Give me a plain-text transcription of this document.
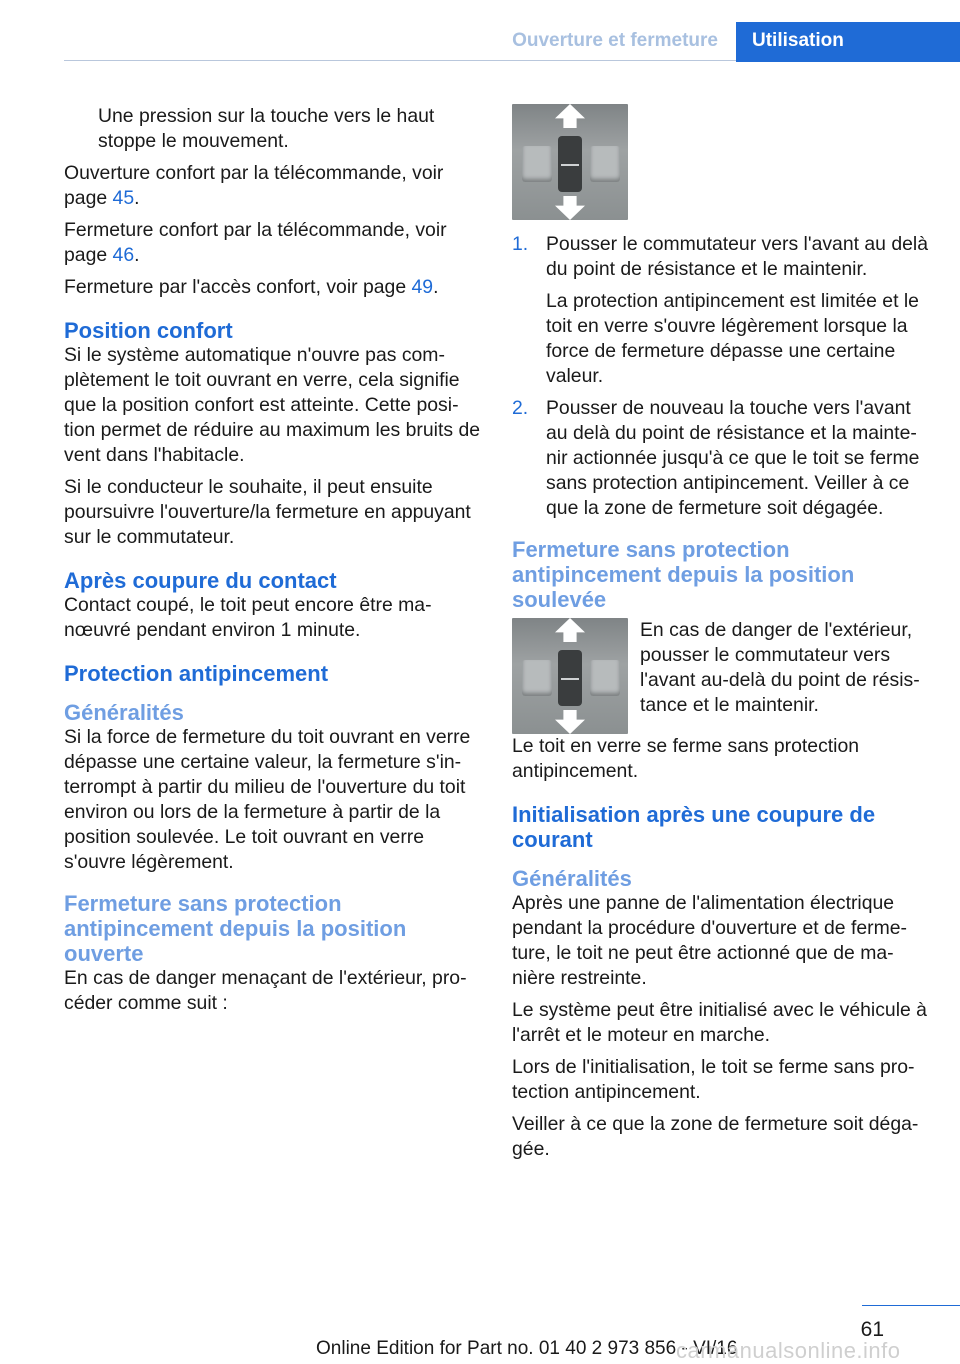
Ouverture et fermeture	Utilisation

Une pression sur la touche vers le haut stoppe le mouvement.

Ouverture confort par la télécommande, voir page 45.

Fermeture confort par la télécommande, voir page 46.

Fermeture par l'accès confort, voir page 49.

Position confort

Si le système automatique n'ouvre pas complètement le toit ouvrant en verre, cela signifie que la position confort est atteinte. Cette position permet de réduire au maximum les bruits de vent dans l'habitacle.

Si le conducteur le souhaite, il peut ensuite poursuivre l'ouverture/la fermeture en appuyant sur le commutateur.

Après coupure du contact

Contact coupé, le toit peut encore être manœuvré pendant environ 1 minute.

Protection antipincement
Généralités

Si la force de fermeture du toit ouvrant en verre dépasse une certaine valeur, la fermeture s'interrompt à partir du milieu de l'ouverture du toit environ ou lors de la fermeture à partir de la position soulevée. Le toit ouvrant en verre s'ouvre légèrement.

Fermeture sans protection antipincement depuis la position ouverte

En cas de danger menaçant de l'extérieur, procéder comme suit :

1. Pousser le commutateur vers l'avant au delà du point de résistance et le maintenir.

La protection antipincement est limitée et le toit en verre s'ouvre légèrement lorsque la force de fermeture dépasse une certaine valeur.

2. Pousser de nouveau la touche vers l'avant au delà du point de résistance et la maintenir actionnée jusqu'à ce que le toit se ferme sans protection antipincement. Veiller à ce que la zone de fermeture soit dégagée.

Fermeture sans protection antipincement depuis la position soulevée

En cas de danger de l'extérieur, pousser le commutateur vers l'avant au-delà du point de résistance et le maintenir.

Le toit en verre se ferme sans protection antipincement.

Initialisation après une coupure de courant
Généralités

Après une panne de l'alimentation électrique pendant la procédure d'ouverture et de fermeture, le toit ne peut être actionné que de manière restreinte.

Le système peut être initialisé avec le véhicule à l'arrêt et le moteur en marche.

Lors de l'initialisation, le toit se ferme sans protection antipincement.

Veiller à ce que la zone de fermeture soit dégagée.

61
Online Edition for Part no. 01 40 2 973 856 - VI/16
carmanualsonline.info
